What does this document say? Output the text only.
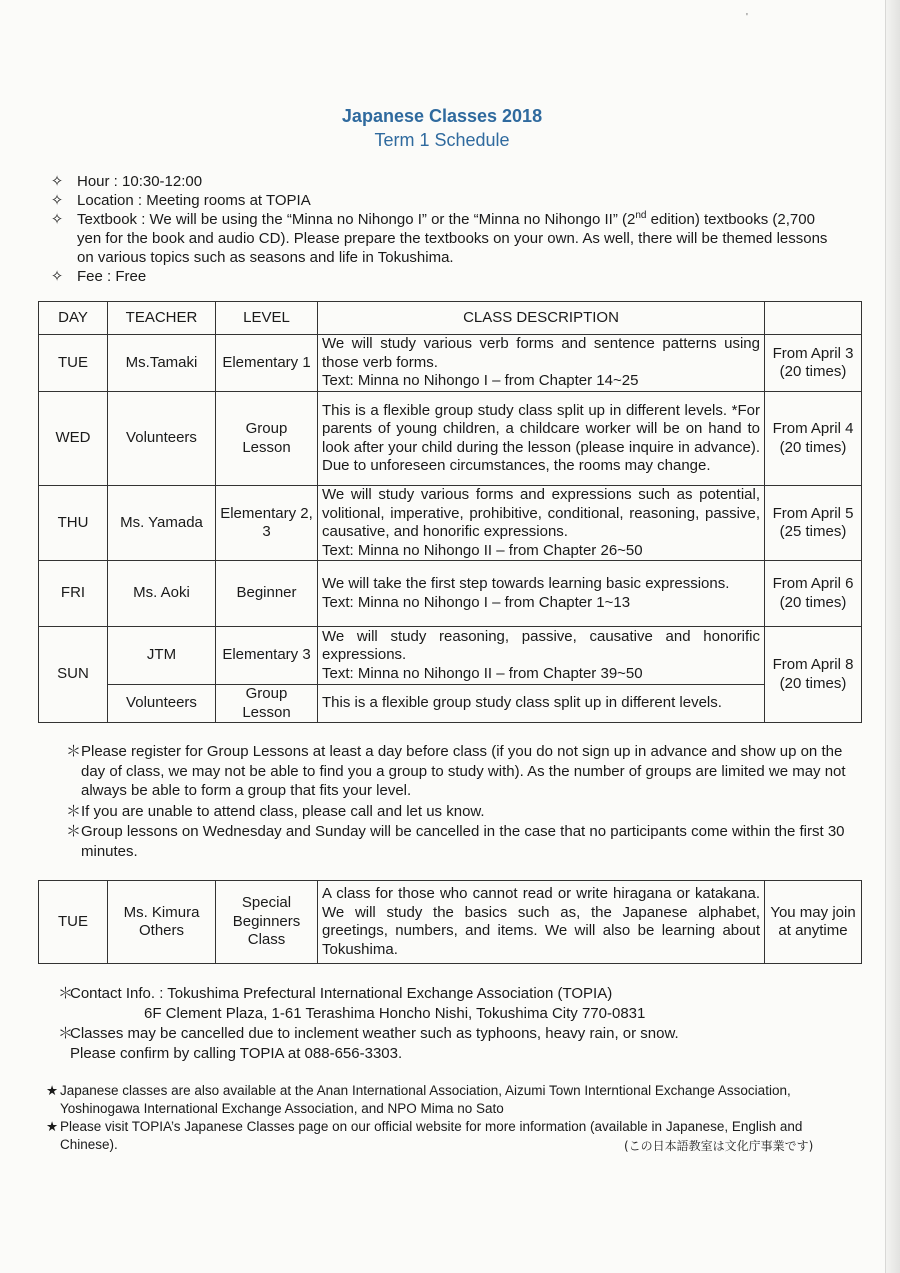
'
Japanese Classes 2018
Term 1 Schedule

✧ Hour : 10:30-12:00

✧ Location : Meeting rooms at TOPIA

✧ Textbook : We will be using the “Minna no Nihongo I” or the “Minna no Nihongo II” (2nd edition) textbooks (2,700 yen for the book and audio CD). Please prepare the textbooks on your own. As well, there will be themed lessons on various topics such as seasons and life in Tokushima.

✧ Fee : Free

DAY	TEACHER	LEVEL	CLASS DESCRIPTION	
TUE	Ms.Tamaki	Elementary 1	We will study various verb forms and sentence patterns using those verb forms.
Text: Minna no Nihongo I – from Chapter 14~25	From April 3 (20 times)
WED	Volunteers	Group Lesson	This is a flexible group study class split up in different levels. *For parents of young children, a childcare worker will be on hand to look after your child during the lesson (please inquire in advance). Due to unforeseen circumstances, the rooms may change.	From April 4 (20 times)
THU	Ms. Yamada	Elementary 2, 3	We will study various forms and expressions such as potential, volitional, imperative, prohibitive, conditional, reasoning, passive, causative, and honorific expressions.
Text: Minna no Nihongo II – from Chapter 26~50	From April 5 (25 times)
FRI	Ms. Aoki	Beginner	We will take the first step towards learning basic expressions.
Text: Minna no Nihongo I – from Chapter 1~13	From April 6 (20 times)
SUN	JTM	Elementary 3	We will study reasoning, passive, causative and honorific expressions.
Text: Minna no Nihongo II – from Chapter 39~50	From April 8 (20 times)
	Volunteers	Group Lesson	This is a flexible group study class split up in different levels.	

＊ Please register for Group Lessons at least a day before class (if you do not sign up in advance and show up on the day of class, we may not be able to find you a group to study with). As the number of groups are limited we may not always be able to form a group that fits your level.

＊ If you are unable to attend class, please call and let us know.

＊ Group lessons on Wednesday and Sunday will be cancelled in the case that no participants come within the first 30 minutes.

TUE	Ms. Kimura Others	Special Beginners Class	A class for those who cannot read or write hiragana or katakana. We will study the basics such as, the Japanese alphabet, greetings, numbers, and items. We will also be learning about Tokushima.	You may join at anytime
＊
Contact Info. : Tokushima Prefectural International Exchange Association (TOPIA)
6F Clement Plaza, 1-61 Terashima Honcho Nishi, Tokushima City 770-0831
＊
Classes may be cancelled due to inclement weather such as typhoons, heavy rain, or snow.
Please confirm by calling TOPIA at 088-656-3303.
★ Japanese classes are also available at the Anan International Association, Aizumi Town Interntional Exchange Association, Yoshinogawa International Exchange Association, and NPO Mima no Sato
★ Please visit TOPIA’s Japanese Classes page on our official website for more information (available in Japanese, English and Chinese).	(この日本語教室は文化庁事業です)
